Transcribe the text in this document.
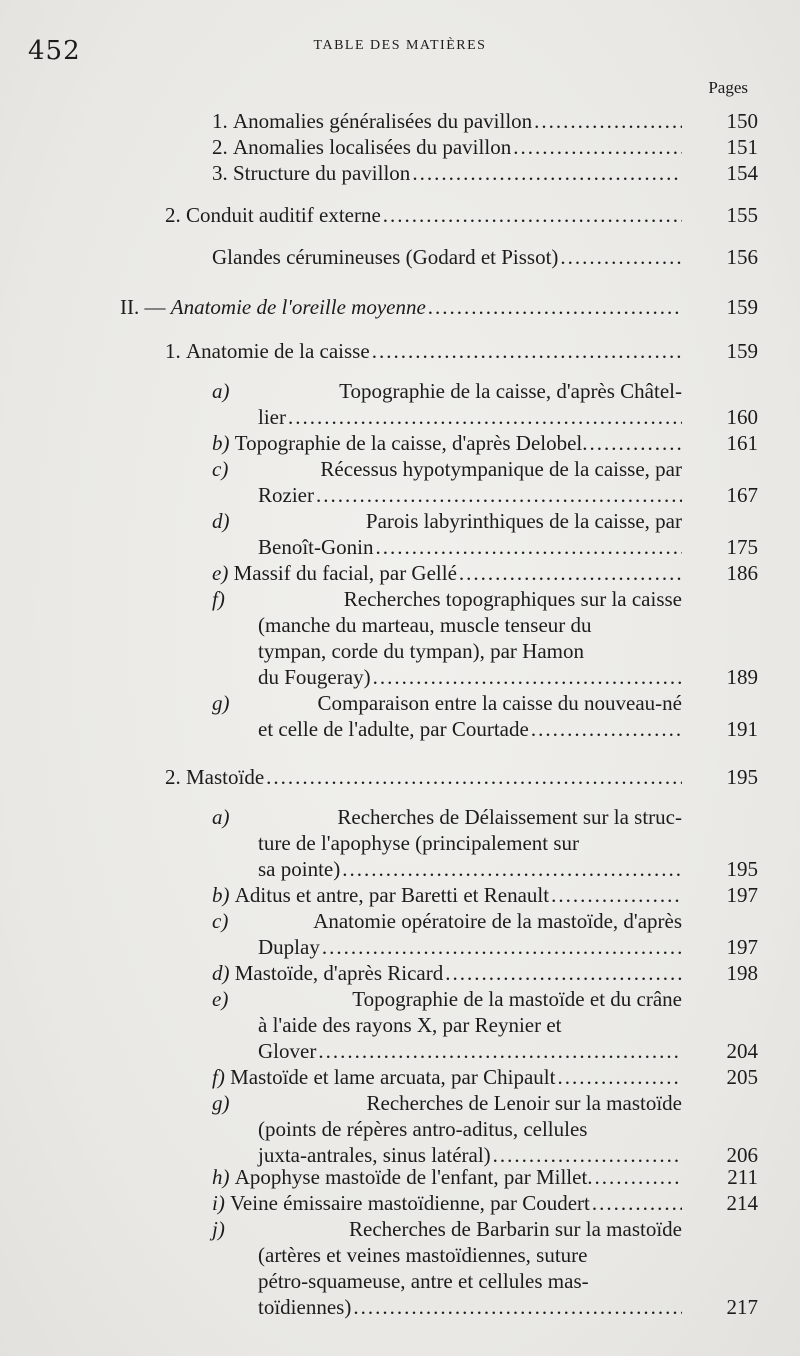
452	TABLE DES MATIÈRES
Pages
1. Anomalies généralisées du pavillon .....	150
2. Anomalies localisées du pavillon .....	151
3. Structure du pavillon .....	154
2. Conduit auditif externe .....	155
Glandes cérumineuses (Godard et Pissot) .....	156
II. — Anatomie de l'oreille moyenne .....	159
1. Anatomie de la caisse .....	159
a)	Topographie de la caisse, d'après Châtel-
lier .....	160
b) Topographie de la caisse, d'après Delobel. .....	161
c)	Récessus hypotympanique de la caisse, par
Rozier .....	167
d)	Parois labyrinthiques de la caisse, par
Benoît-Gonin .....	175
e) Massif du facial, par Gellé .....	186
f)	Recherches topographiques sur la caisse
(manche du marteau, muscle tenseur du
tympan, corde du tympan), par Hamon
du Fougeray) .....	189
g)	Comparaison entre la caisse du nouveau-né
et celle de l'adulte, par Courtade .....	191
2. Mastoïde .....	195
a)	Recherches de Délaissement sur la struc-
ture de l'apophyse (principalement sur
sa pointe) .....	195
b) Aditus et antre, par Baretti et Renault .....	197
c)	Anatomie opératoire de la mastoïde, d'après
Duplay .....	197
d) Mastoïde, d'après Ricard .....	198
e)	Topographie de la mastoïde et du crâne
à l'aide des rayons X, par Reynier et
Glover .....	204
f) Mastoïde et lame arcuata, par Chipault .....	205
g)	Recherches de Lenoir sur la mastoïde
(points de répères antro-aditus, cellules
juxta-antrales, sinus latéral) .....	206
h) Apophyse mastoïde de l'enfant, par Millet. .....	211
i) Veine émissaire mastoïdienne, par Coudert .....	214
j)	Recherches de Barbarin sur la mastoïde
(artères et veines mastoïdiennes, suture
pétro-squameuse, antre et cellules mas-
toïdiennes) .....	217
